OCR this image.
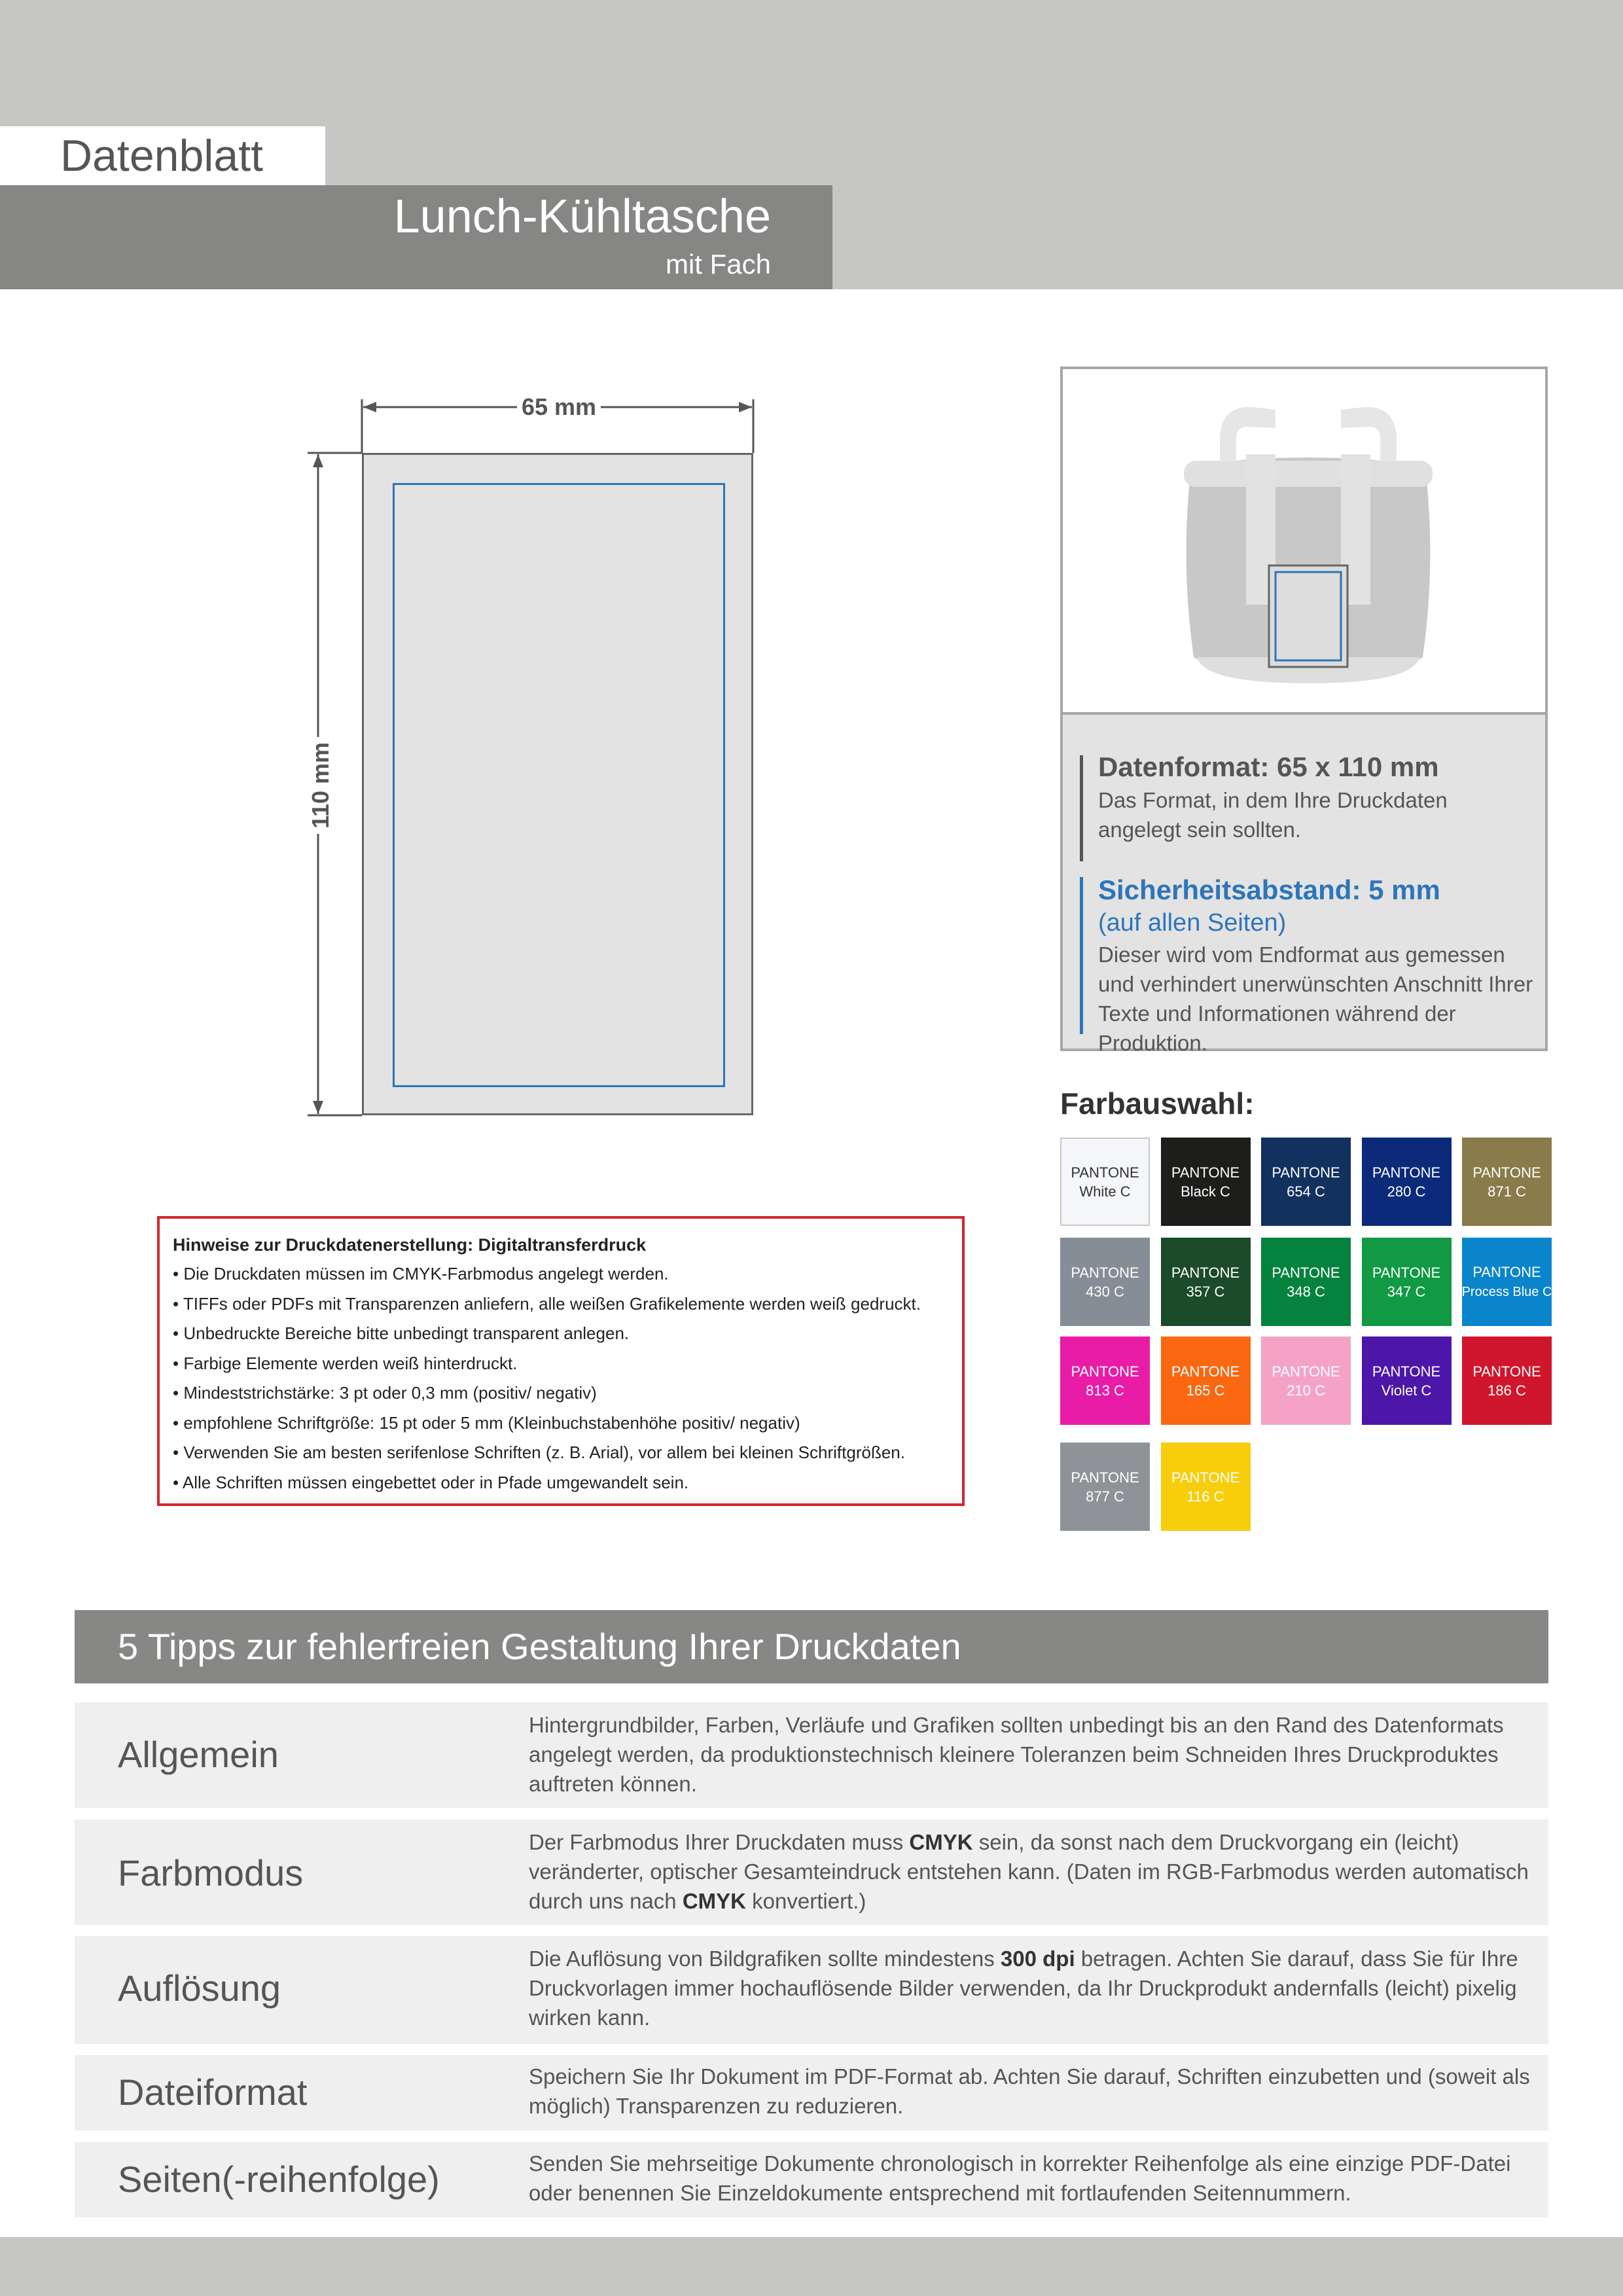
Datenblatt
Lunch-Kühltasche
mit Fach
65 mm
110 mm
Hinweise zur Druckdatenerstellung: Digitaltransferdruck
• Die Druckdaten müssen im CMYK-Farbmodus angelegt werden.
• TIFFs oder PDFs mit Transparenzen anliefern, alle weißen Grafikelemente werden weiß gedruckt.
• Unbedruckte Bereiche bitte unbedingt transparent anlegen.
• Farbige Elemente werden weiß hinterdruckt.
• Mindeststrichstärke: 3 pt oder 0,3 mm (positiv/ negativ)
• empfohlene Schriftgröße: 15 pt oder 5 mm (Kleinbuchstabenhöhe positiv/ negativ)
• Verwenden Sie am besten serifenlose Schriften (z. B. Arial), vor allem bei kleinen Schriftgrößen.
• Alle Schriften müssen eingebettet oder in Pfade umgewandelt sein.
Datenformat: 65 x 110 mm
Das Format, in dem Ihre Druckdaten angelegt sein sollten.
Sicherheitsabstand: 5 mm
(auf allen Seiten)
Dieser wird vom Endformat aus gemessen und verhindert unerwünschten Anschnitt Ihrer Texte und Informationen während der Produktion.
Farbauswahl:
PANTONE
White C
PANTONE
Black C
PANTONE
654 C
PANTONE
280 C
PANTONE
871 C
PANTONE
430 C
PANTONE
357 C
PANTONE
348 C
PANTONE
347 C
PANTONE
Process Blue C
PANTONE
813 C
PANTONE
165 C
PANTONE
210 C
PANTONE
Violet C
PANTONE
186 C
PANTONE
877 C
PANTONE
116 C
5 Tipps zur fehlerfreien Gestaltung Ihrer Druckdaten
Allgemein
Hintergrundbilder, Farben, Verläufe und Grafiken sollten unbedingt bis an den Rand des Datenformats angelegt werden, da produktionstechnisch kleinere Toleranzen beim Schneiden Ihres Druckproduktes auftreten können.
Farbmodus
Der Farbmodus Ihrer Druckdaten muss CMYK sein, da sonst nach dem Druckvorgang ein (leicht) veränderter, optischer Gesamteindruck entstehen kann. (Daten im RGB-Farbmodus werden automatisch durch uns nach CMYK konvertiert.)
Auflösung
Die Auflösung von Bildgrafiken sollte mindestens 300 dpi betragen. Achten Sie darauf, dass Sie für Ihre Druckvorlagen immer hochauflösende Bilder verwenden, da Ihr Druckprodukt andernfalls (leicht) pixelig wirken kann.
Dateiformat	Speichern Sie Ihr Dokument im PDF-Format ab. Achten Sie darauf, Schriften einzubetten und (soweit als möglich) Transparenzen zu reduzieren.
Seiten(-reihenfolge)	Senden Sie mehrseitige Dokumente chronologisch in korrekter Reihenfolge als eine einzige PDF-Datei oder benennen Sie Einzeldokumente entsprechend mit fortlaufenden Seitennummern.
